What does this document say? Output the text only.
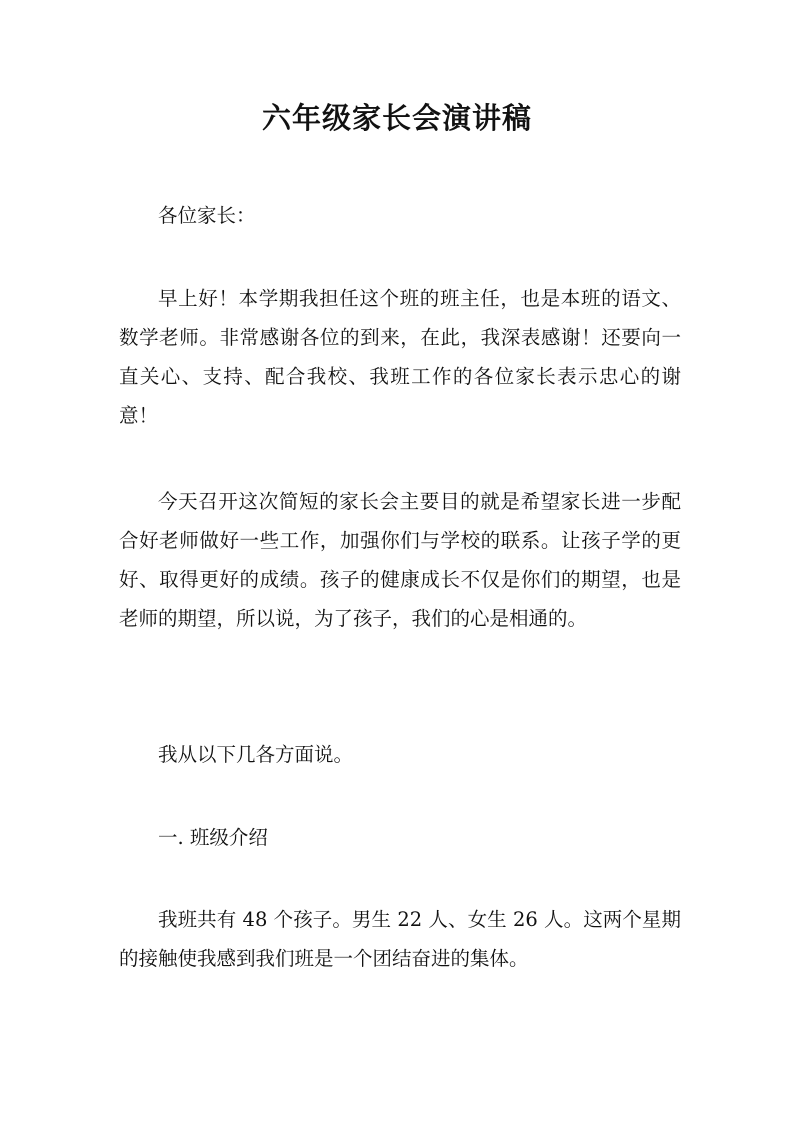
六年级家长会演讲稿

各位家长：

早上好！本学期我担任这个班的班主任，也是本班的语文、数学老师。非常感谢各位的到来，在此，我深表感谢！还要向一直关心、支持、配合我校、我班工作的各位家长表示忠心的谢意！

今天召开这次简短的家长会主要目的就是希望家长进一步配合好老师做好一些工作，加强你们与学校的联系。让孩子学的更好、取得更好的成绩。孩子的健康成长不仅是你们的期望，也是老师的期望，所以说，为了孩子，我们的心是相通的。

我从以下几各方面说。

一. 班级介绍

我班共有 48 个孩子。男生 22 人、女生 26 人。这两个星期的接触使我感到我们班是一个团结奋进的集体。
